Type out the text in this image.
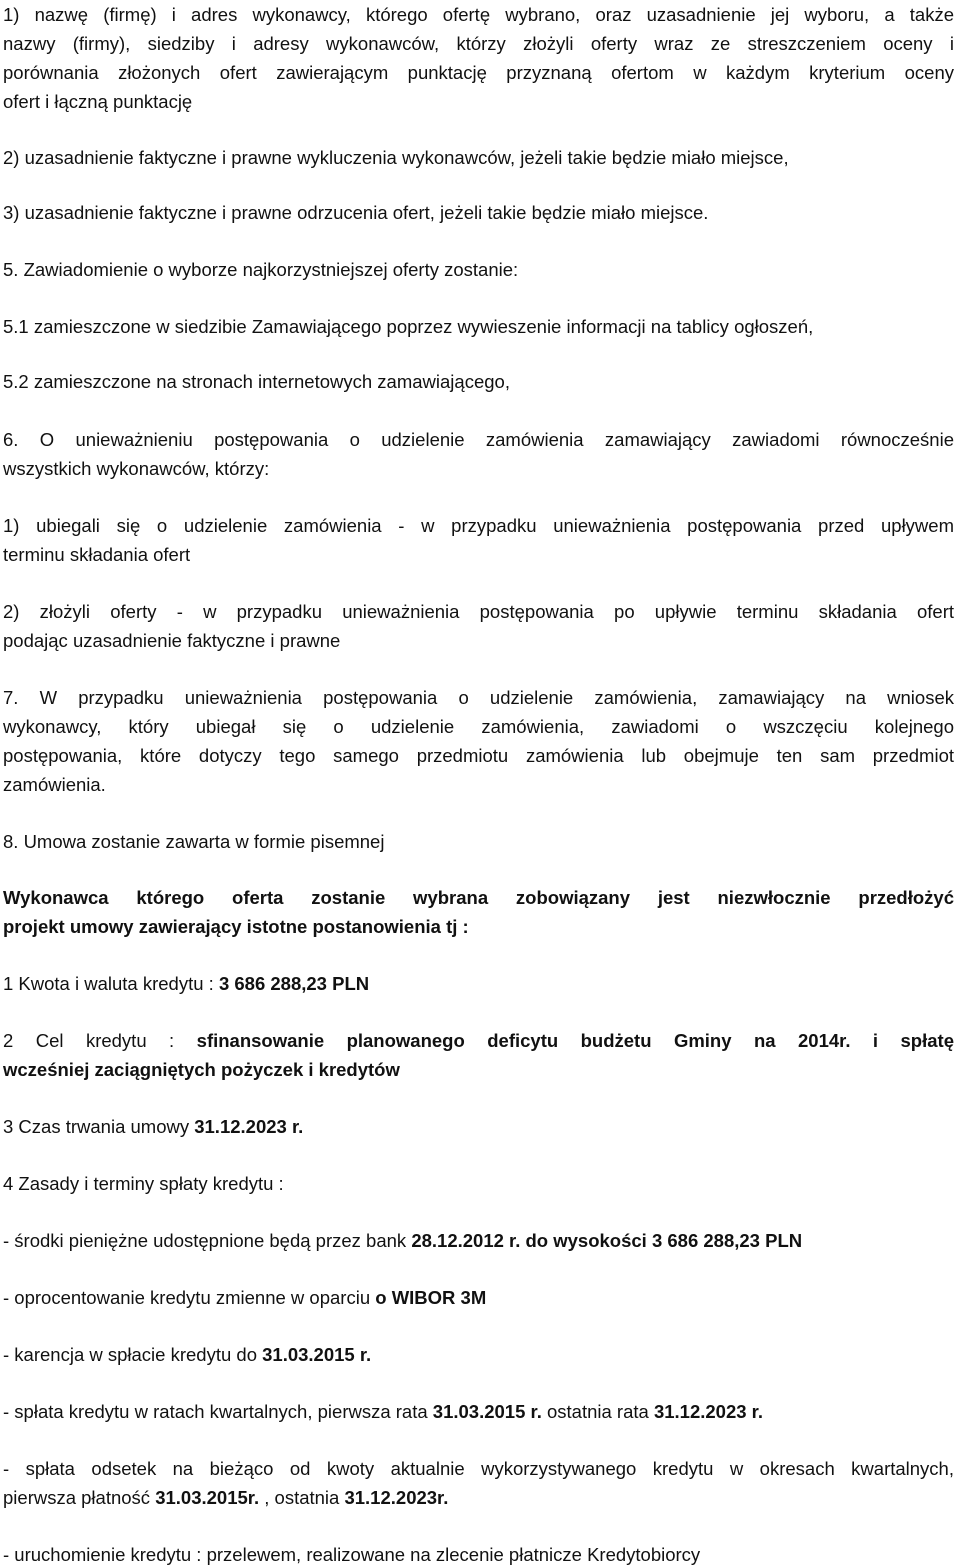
1) nazwę (firmę) i adres wykonawcy, którego ofertę wybrano, oraz uzasadnienie jej wyboru, a także

nazwy (firmy), siedziby i adresy wykonawców, którzy złożyli oferty wraz ze streszczeniem oceny i

porównania złożonych ofert zawierającym punktację przyznaną ofertom w każdym kryterium oceny

ofert i łączną punktację

2) uzasadnienie faktyczne i prawne wykluczenia wykonawców, jeżeli takie będzie miało miejsce,

3) uzasadnienie faktyczne i prawne odrzucenia ofert, jeżeli takie będzie miało miejsce.

5. Zawiadomienie o wyborze najkorzystniejszej oferty zostanie:

5.1 zamieszczone w siedzibie Zamawiającego poprzez wywieszenie informacji na tablicy ogłoszeń,

5.2 zamieszczone na stronach internetowych zamawiającego,

6. O unieważnieniu postępowania o udzielenie zamówienia zamawiający zawiadomi równocześnie

wszystkich wykonawców, którzy:

1) ubiegali się o udzielenie zamówienia - w przypadku unieważnienia postępowania przed upływem

terminu składania ofert

2) złożyli oferty - w przypadku unieważnienia postępowania po upływie terminu składania ofert

podając uzasadnienie faktyczne i prawne

7. W przypadku unieważnienia postępowania o udzielenie zamówienia, zamawiający na wniosek

wykonawcy, który ubiegał się o udzielenie zamówienia, zawiadomi o wszczęciu kolejnego

postępowania, które dotyczy tego samego przedmiotu zamówienia lub obejmuje ten sam przedmiot

zamówienia.

8. Umowa zostanie zawarta w formie pisemnej

Wykonawca którego oferta zostanie wybrana zobowiązany jest niezwłocznie przedłożyć

projekt umowy zawierający istotne postanowienia tj :

1 Kwota i waluta kredytu : 3 686 288,23 PLN

2 Cel kredytu : sfinansowanie planowanego deficytu budżetu Gminy na 2014r. i spłatę

wcześniej zaciągniętych pożyczek i kredytów

3 Czas trwania umowy 31.12.2023 r.

4 Zasady i terminy spłaty kredytu :

- środki pieniężne udostępnione będą przez bank 28.12.2012 r. do wysokości 3 686 288,23 PLN

- oprocentowanie kredytu zmienne w oparciu o WIBOR 3M

- karencja w spłacie kredytu do 31.03.2015 r.

- spłata kredytu w ratach kwartalnych, pierwsza rata 31.03.2015 r. ostatnia rata 31.12.2023 r.

- spłata odsetek na bieżąco od kwoty aktualnie wykorzystywanego kredytu w okresach kwartalnych,

pierwsza płatność 31.03.2015r. , ostatnia 31.12.2023r.

- uruchomienie kredytu : przelewem, realizowane na zlecenie płatnicze Kredytobiorcy
